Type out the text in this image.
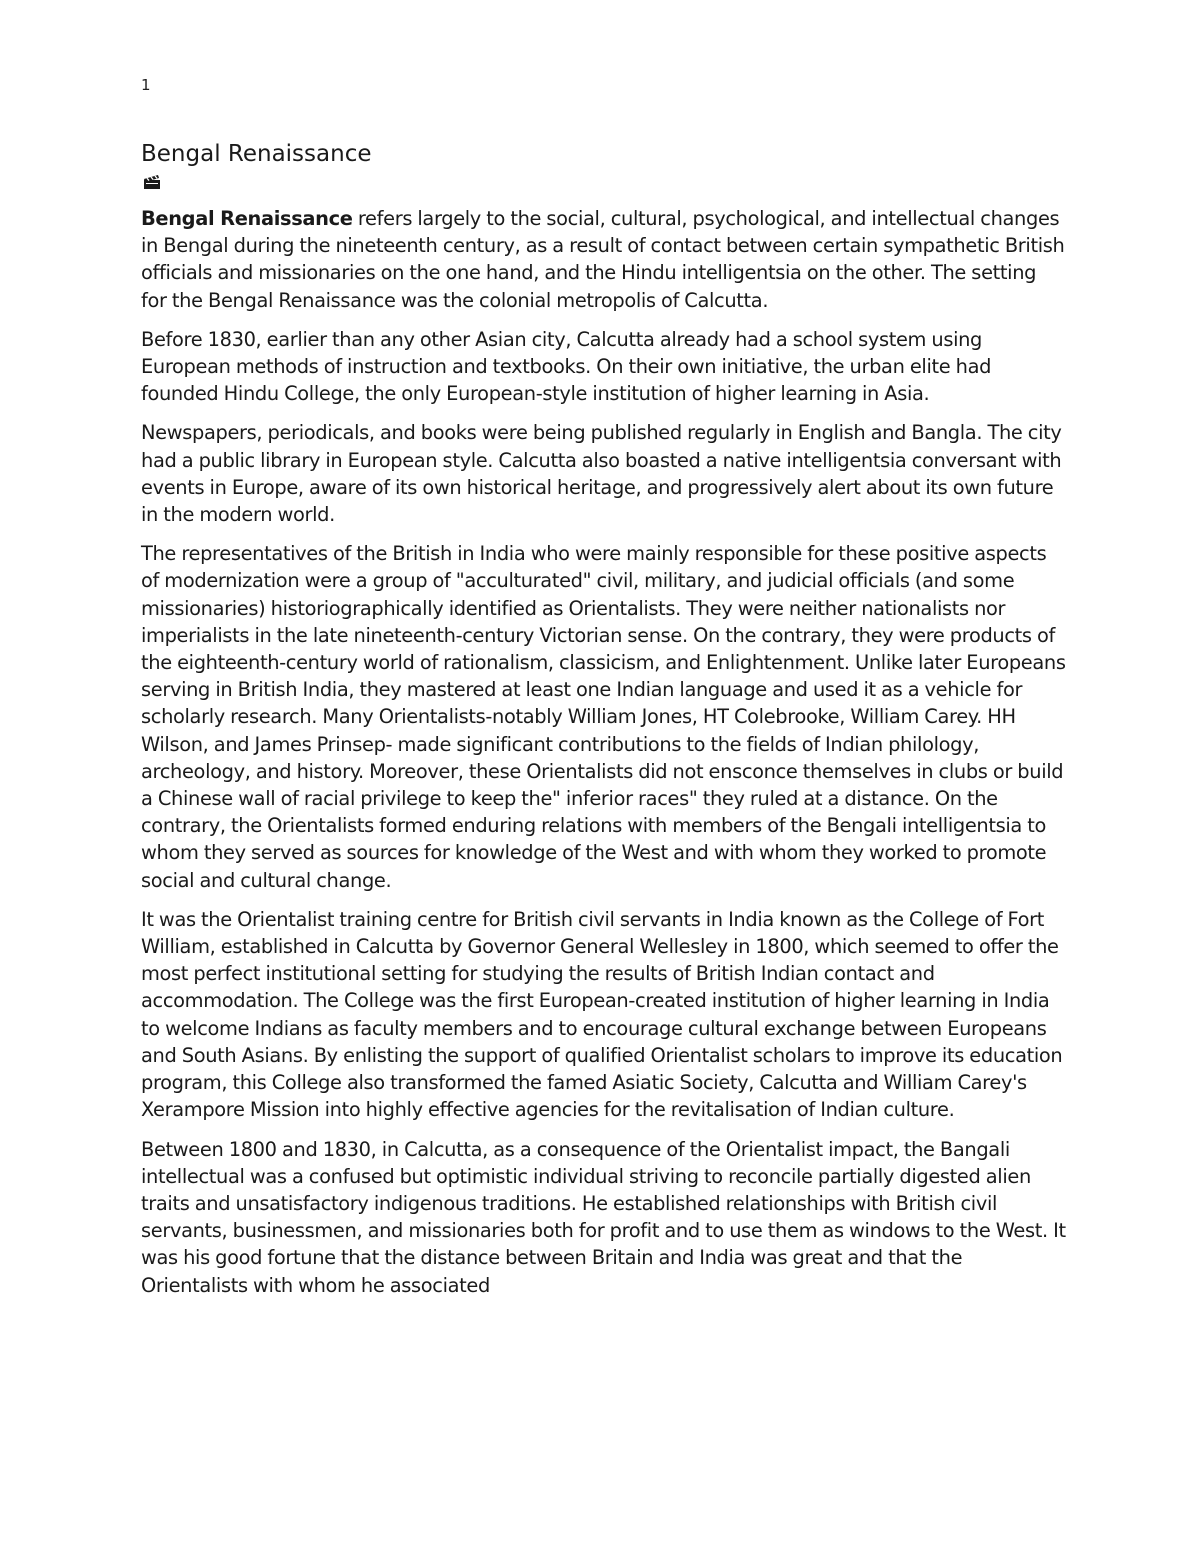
1
Bengal Renaissance

Bengal Renaissance refers largely to the social, cultural, psychological, and intellectual changes in Bengal during the nineteenth century, as a result of contact between certain sympathetic British officials and missionaries on the one hand, and the Hindu intelligentsia on the other. The setting for the Bengal Renaissance was the colonial metropolis of Calcutta.

Before 1830, earlier than any other Asian city, Calcutta already had a school system using European methods of instruction and textbooks. On their own initiative, the urban elite had founded Hindu College, the only European-style institution of higher learning in Asia.

Newspapers, periodicals, and books were being published regularly in English and Bangla. The city had a public library in European style. Calcutta also boasted a native intelligentsia conversant with events in Europe, aware of its own historical heritage, and progressively alert about its own future in the modern world.

The representatives of the British in India who were mainly responsible for these positive aspects of modernization were a group of "acculturated" civil, military, and judicial officials (and some missionaries) historiographically identified as Orientalists. They were neither nationalists nor imperialists in the late nineteenth-century Victorian sense. On the contrary, they were products of the eighteenth-century world of rationalism, classicism, and Enlightenment. Unlike later Europeans serving in British India, they mastered at least one Indian language and used it as a vehicle for scholarly research. Many Orientalists-notably William Jones, HT Colebrooke, William Carey. HH Wilson, and James Prinsep- made significant contributions to the fields of Indian philology, archeology, and history. Moreover, these Orientalists did not ensconce themselves in clubs or build a Chinese wall of racial privilege to keep the" inferior races" they ruled at a distance. On the contrary, the Orientalists formed enduring relations with members of the Bengali intelligentsia to whom they served as sources for knowledge of the West and with whom they worked to promote social and cultural change.

It was the Orientalist training centre for British civil servants in India known as the College of Fort William, established in Calcutta by Governor General Wellesley in 1800, which seemed to offer the most perfect institutional setting for studying the results of British Indian contact and accommodation. The College was the first European-created institution of higher learning in India to welcome Indians as faculty members and to encourage cultural exchange between Europeans and South Asians. By enlisting the support of qualified Orientalist scholars to improve its education program, this College also transformed the famed Asiatic Society, Calcutta and William Carey's Xerampore Mission into highly effective agencies for the revitalisation of Indian culture.

Between 1800 and 1830, in Calcutta, as a consequence of the Orientalist impact, the Bangali intellectual was a confused but optimistic individual striving to reconcile partially digested alien traits and unsatisfactory indigenous traditions. He established relationships with British civil servants, businessmen, and missionaries both for profit and to use them as windows to the West. It was his good fortune that the distance between Britain and India was great and that the Orientalists with whom he associated
